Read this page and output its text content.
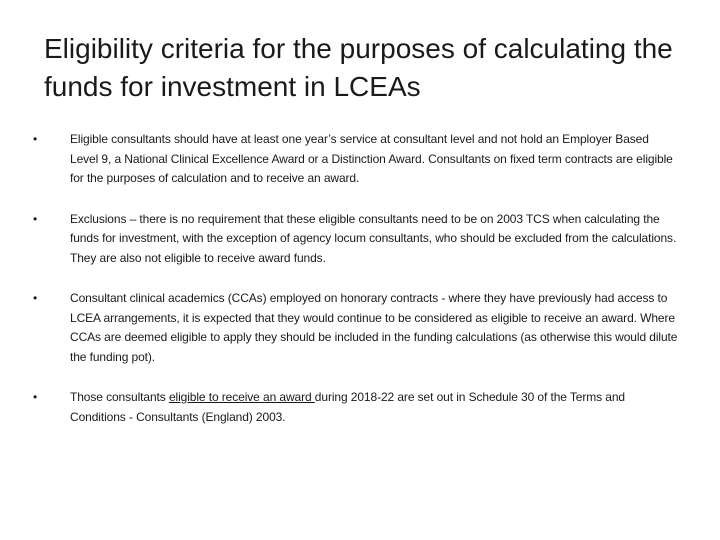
Eligibility criteria for the purposes of calculating the funds for investment in LCEAs
•	Eligible consultants should have at least one year’s service at consultant level and not hold an Employer Based Level 9, a National Clinical Excellence Award or a Distinction Award. Consultants on fixed term contracts are eligible for the purposes of calculation and to receive an award.
•	Exclusions – there is no requirement that these eligible consultants need to be on 2003 TCS when calculating the funds for investment, with the exception of agency locum consultants, who should be excluded from the calculations. They are also not eligible to receive award funds.
•	Consultant clinical academics (CCAs) employed on honorary contracts - where they have previously had access to LCEA arrangements, it is expected that they would continue to be considered as eligible to receive an award. Where CCAs are deemed eligible to apply they should be included in the funding calculations (as otherwise this would dilute the funding pot).
•	Those consultants eligible to receive an award during 2018-22 are set out in Schedule 30 of the Terms and Conditions - Consultants (England) 2003.
